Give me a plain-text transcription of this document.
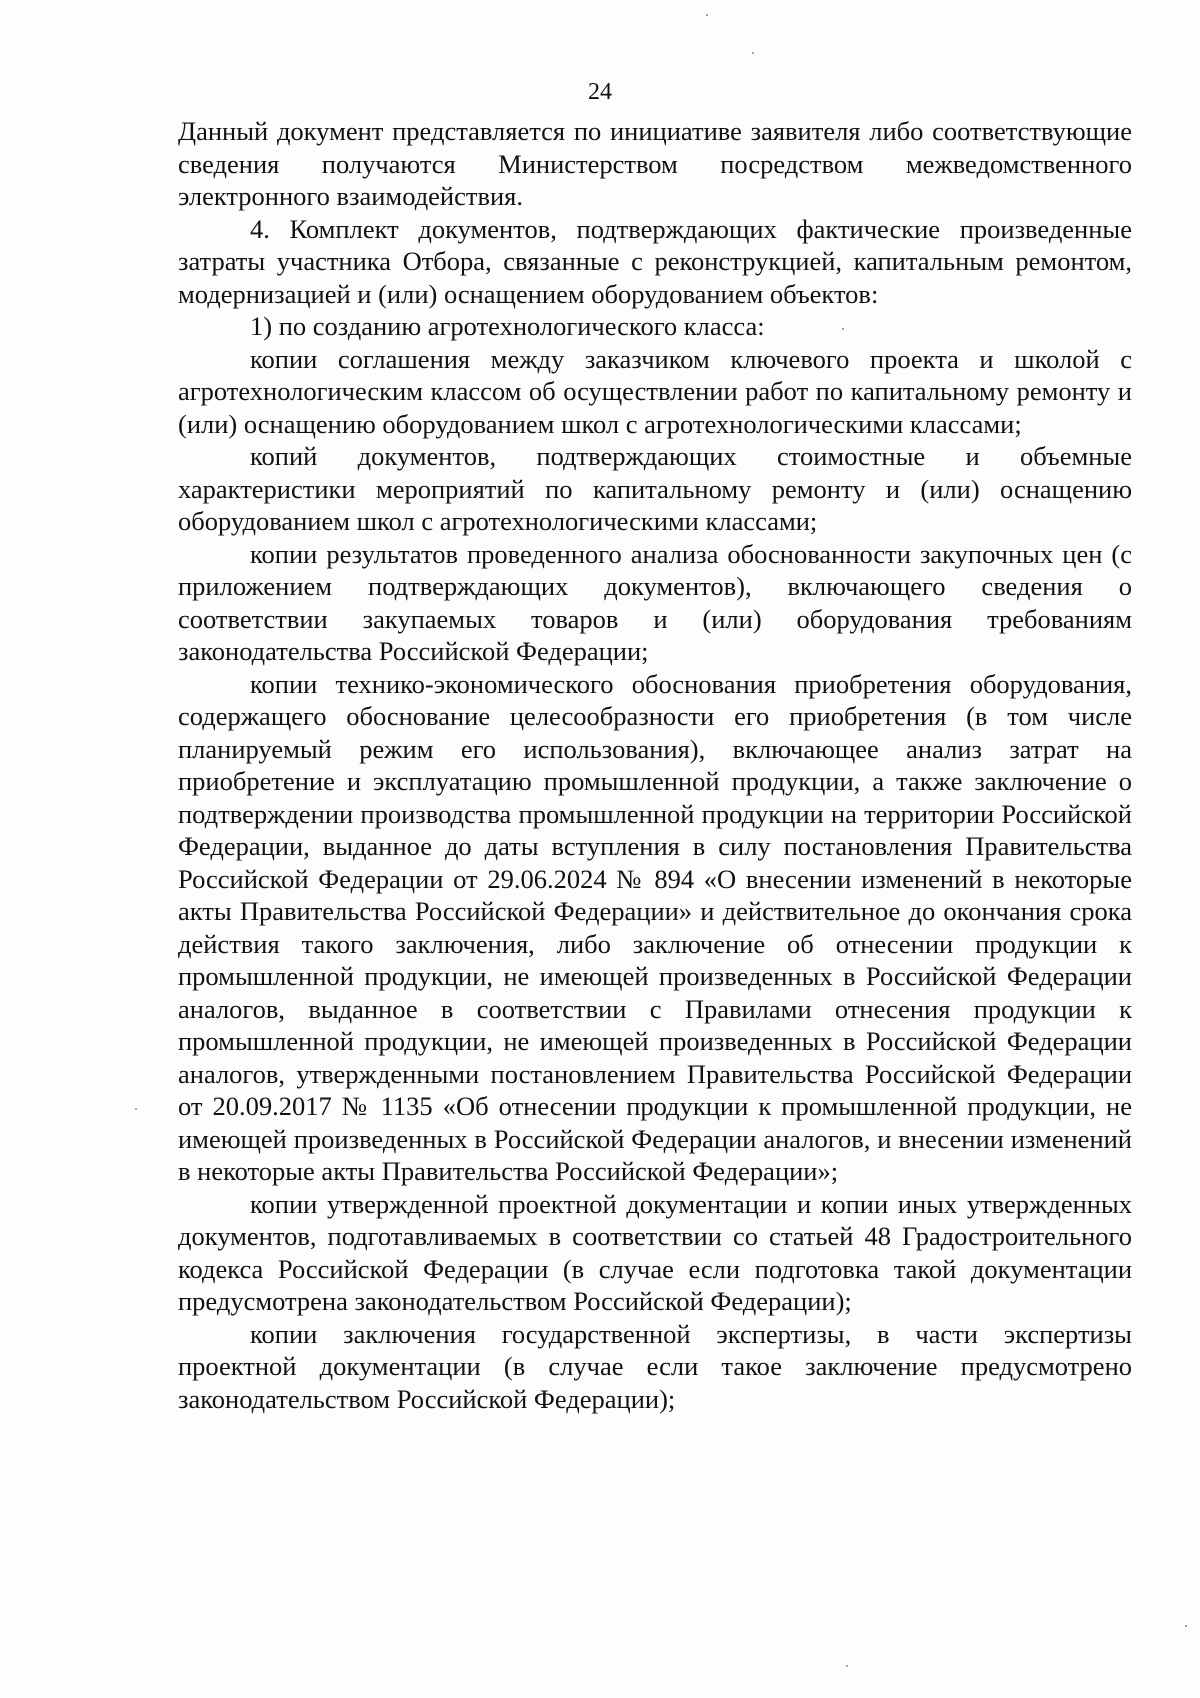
24

Данный документ представляется по инициативе заявителя либо соответствующие сведения получаются Министерством посредством межведомственного электронного взаимодействия.

4. Комплект документов, подтверждающих фактические произведенные затраты участника Отбора, связанные с реконструкцией, капитальным ремонтом, модернизацией и (или) оснащением оборудованием объектов:

1) по созданию агротехнологического класса:

копии соглашения между заказчиком ключевого проекта и школой с агротехнологическим классом об осуществлении работ по капитальному ремонту и (или) оснащению оборудованием школ с агротехнологическими классами;

копий документов, подтверждающих стоимостные и объемные характеристики мероприятий по капитальному ремонту и (или) оснащению оборудованием школ с агротехнологическими классами;

копии результатов проведенного анализа обоснованности закупочных цен (с приложением подтверждающих документов), включающего сведения о соответствии закупаемых товаров и (или) оборудования требованиям законодательства Российской Федерации;

копии технико-экономического обоснования приобретения оборудования, содержащего обоснование целесообразности его приобретения (в том числе планируемый режим его использования), включающее анализ затрат на приобретение и эксплуатацию промышленной продукции, а также заключение о подтверждении производства промышленной продукции на территории Российской Федерации, выданное до даты вступления в силу постановления Правительства Российской Федерации от 29.06.2024 № 894 «О внесении изменений в некоторые акты Правительства Российской Федерации» и действительное до окончания срока действия такого заключения, либо заключение об отнесении продукции к промышленной продукции, не имеющей произведенных в Российской Федерации аналогов, выданное в соответствии с Правилами отнесения продукции к промышленной продукции, не имеющей произведенных в Российской Федерации аналогов, утвержденными постановлением Правительства Российской Федерации от 20.09.2017 № 1135 «Об отнесении продукции к промышленной продукции, не имеющей произведенных в Российской Федерации аналогов, и внесении изменений в некоторые акты Правительства Российской Федерации»;

копии утвержденной проектной документации и копии иных утвержденных документов, подготавливаемых в соответствии со статьей 48 Градостроительного кодекса Российской Федерации (в случае если подготовка такой документации предусмотрена законодательством Российской Федерации);

копии заключения государственной экспертизы, в части экспертизы проектной документации (в случае если такое заключение предусмотрено законодательством Российской Федерации);
